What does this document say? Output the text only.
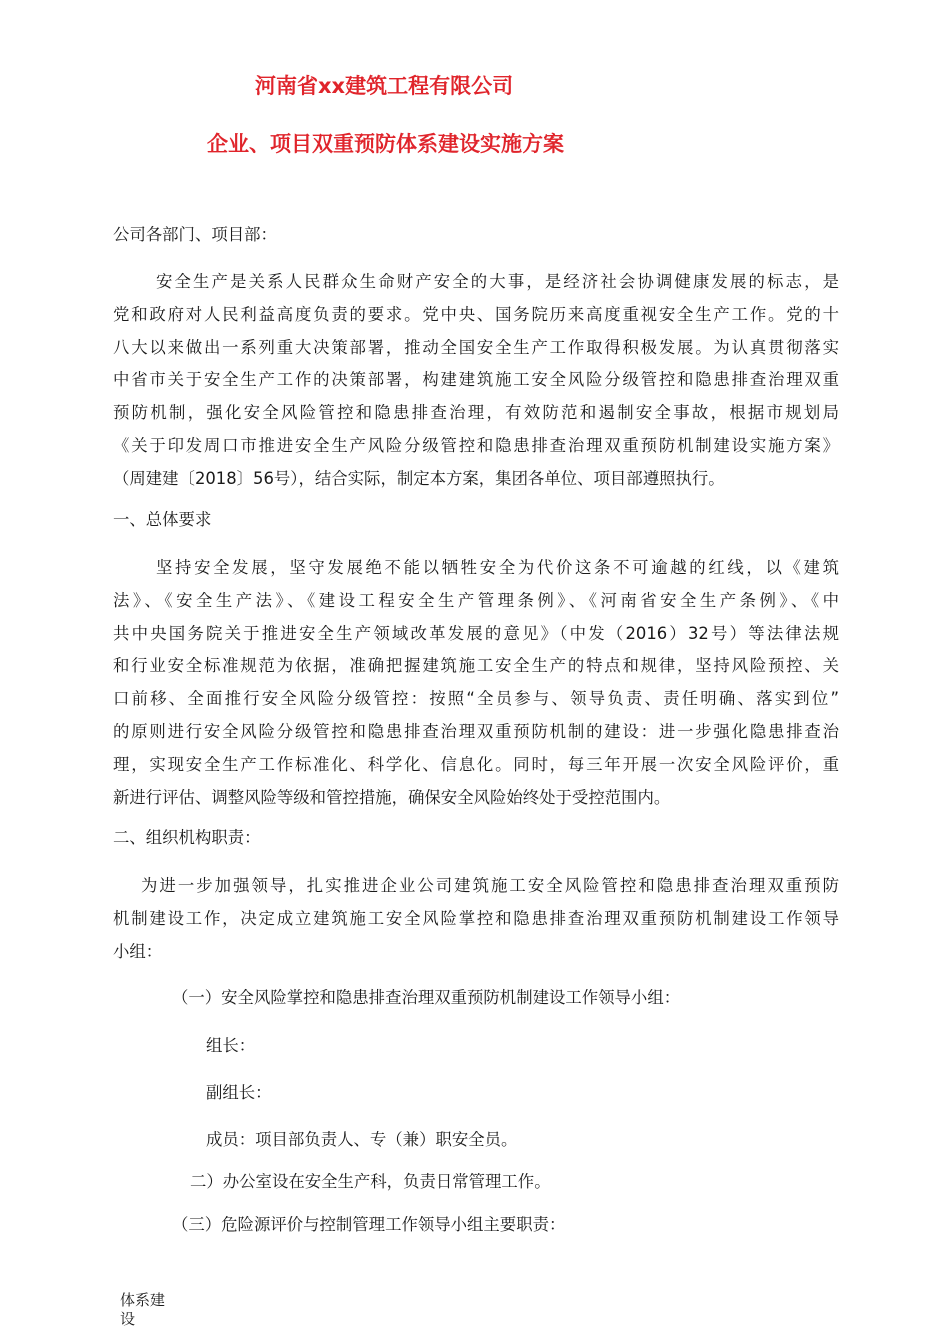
河南省xx建筑工程有限公司
企业、项目双重预防体系建设实施方案
公司各部门、项目部：
安全生产是关系人民群众生命财产安全的大事，是经济社会协调健康发展的标志，是
党和政府对人民利益高度负责的要求。党中央、国务院历来高度重视安全生产工作。党的十
八大以来做出一系列重大决策部署，推动全国安全生产工作取得积极发展。为认真贯彻落实
中省市关于安全生产工作的决策部署，构建建筑施工安全风险分级管控和隐患排查治理双重
预防机制，强化安全风险管控和隐患排查治理，有效防范和遏制安全事故，根据市规划局
《关于印发周口市推进安全生产风险分级管控和隐患排查治理双重预防机制建设实施方案》
（周建建〔2018〕56号），结合实际，制定本方案，集团各单位、项目部遵照执行。
一、总体要求
坚持安全发展，坚守发展绝不能以牺牲安全为代价这条不可逾越的红线，以《建筑
法》、《安全生产法》、《建设工程安全生产管理条例》、《河南省安全生产条例》、《中
共中央国务院关于推进安全生产领域改革发展的意见》（中发（2016）32号）等法律法规
和行业安全标准规范为依据，准确把握建筑施工安全生产的特点和规律，坚持风险预控、关
口前移、全面推行安全风险分级管控：按照“全员参与、领导负责、责任明确、落实到位”
的原则进行安全风险分级管控和隐患排查治理双重预防机制的建设：进一步强化隐患排查治
理，实现安全生产工作标准化、科学化、信息化。同时，每三年开展一次安全风险评价，重
新进行评估、调整风险等级和管控措施，确保安全风险始终处于受控范围内。
二、组织机构职责：
为进一步加强领导，扎实推进企业公司建筑施工安全风险管控和隐患排查治理双重预防
机制建设工作，决定成立建筑施工安全风险掌控和隐患排查治理双重预防机制建设工作领导
小组：
（一）安全风险掌控和隐患排查治理双重预防机制建设工作领导小组：
组长：
副组长：
成员：项目部负责人、专（兼）职安全员。
二）办公室设在安全生产科，负责日常管理工作。
（三）危险源评价与控制管理工作领导小组主要职责：
体系建设
